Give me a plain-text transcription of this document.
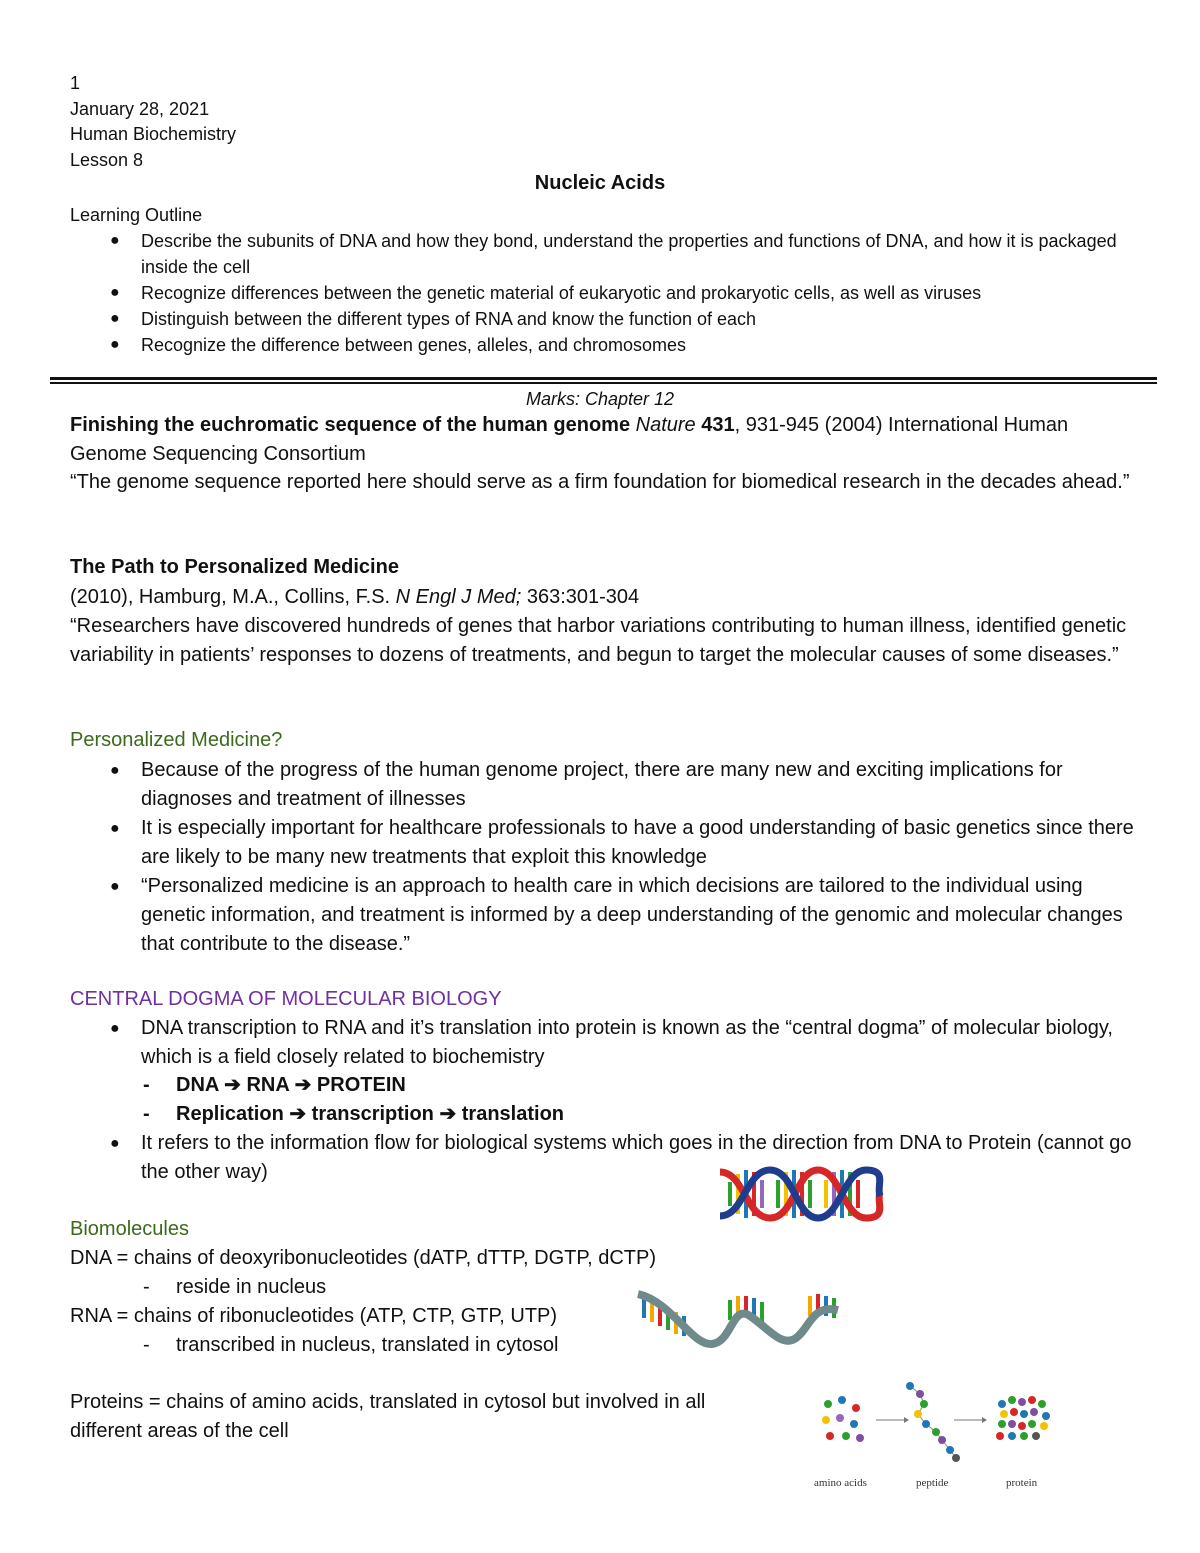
1
January 28, 2021
Human Biochemistry
Lesson 8
Nucleic Acids
Learning Outline
● Describe the subunits of DNA and how they bond, understand the properties and functions of DNA, and how it is packaged inside the cell
● Recognize differences between the genetic material of eukaryotic and prokaryotic cells, as well as viruses
● Distinguish between the different types of RNA and know the function of each
● Recognize the difference between genes, alleles, and chromosomes
Marks: Chapter 12
Finishing the euchromatic sequence of the human genome Nature 431, 931-945 (2004) International Human Genome Sequencing Consortium
“The genome sequence reported here should serve as a firm foundation for biomedical research in the decades ahead.”
The Path to Personalized Medicine
(2010), Hamburg, M.A., Collins, F.S. N Engl J Med; 363:301-304
“Researchers have discovered hundreds of genes that harbor variations contributing to human illness, identified genetic variability in patients’ responses to dozens of treatments, and begun to target the molecular causes of some diseases.”
Personalized Medicine?
● Because of the progress of the human genome project, there are many new and exciting implications for diagnoses and treatment of illnesses
● It is especially important for healthcare professionals to have a good understanding of basic genetics since there are likely to be many new treatments that exploit this knowledge
● “Personalized medicine is an approach to health care in which decisions are tailored to the individual using genetic information, and treatment is informed by a deep understanding of the genomic and molecular changes that contribute to the disease.”
CENTRAL DOGMA OF MOLECULAR BIOLOGY
● DNA transcription to RNA and it’s translation into protein is known as the “central dogma” of molecular biology, which is a field closely related to biochemistry
- DNA ➔ RNA ➔ PROTEIN
- Replication ➔ transcription ➔ translation
● It refers to the information flow for biological systems which goes in the direction from DNA to Protein (cannot go the other way)
Biomolecules
DNA = chains of deoxyribonucleotides (dATP, dTTP, DGTP, dCTP)
- reside in nucleus
RNA = chains of ribonucleotides (ATP, CTP, GTP, UTP)
- transcribed in nucleus, translated in cytosol
Proteins = chains of amino acids, translated in cytosol but involved in all different areas of the cell
amino acids	peptide	protein
